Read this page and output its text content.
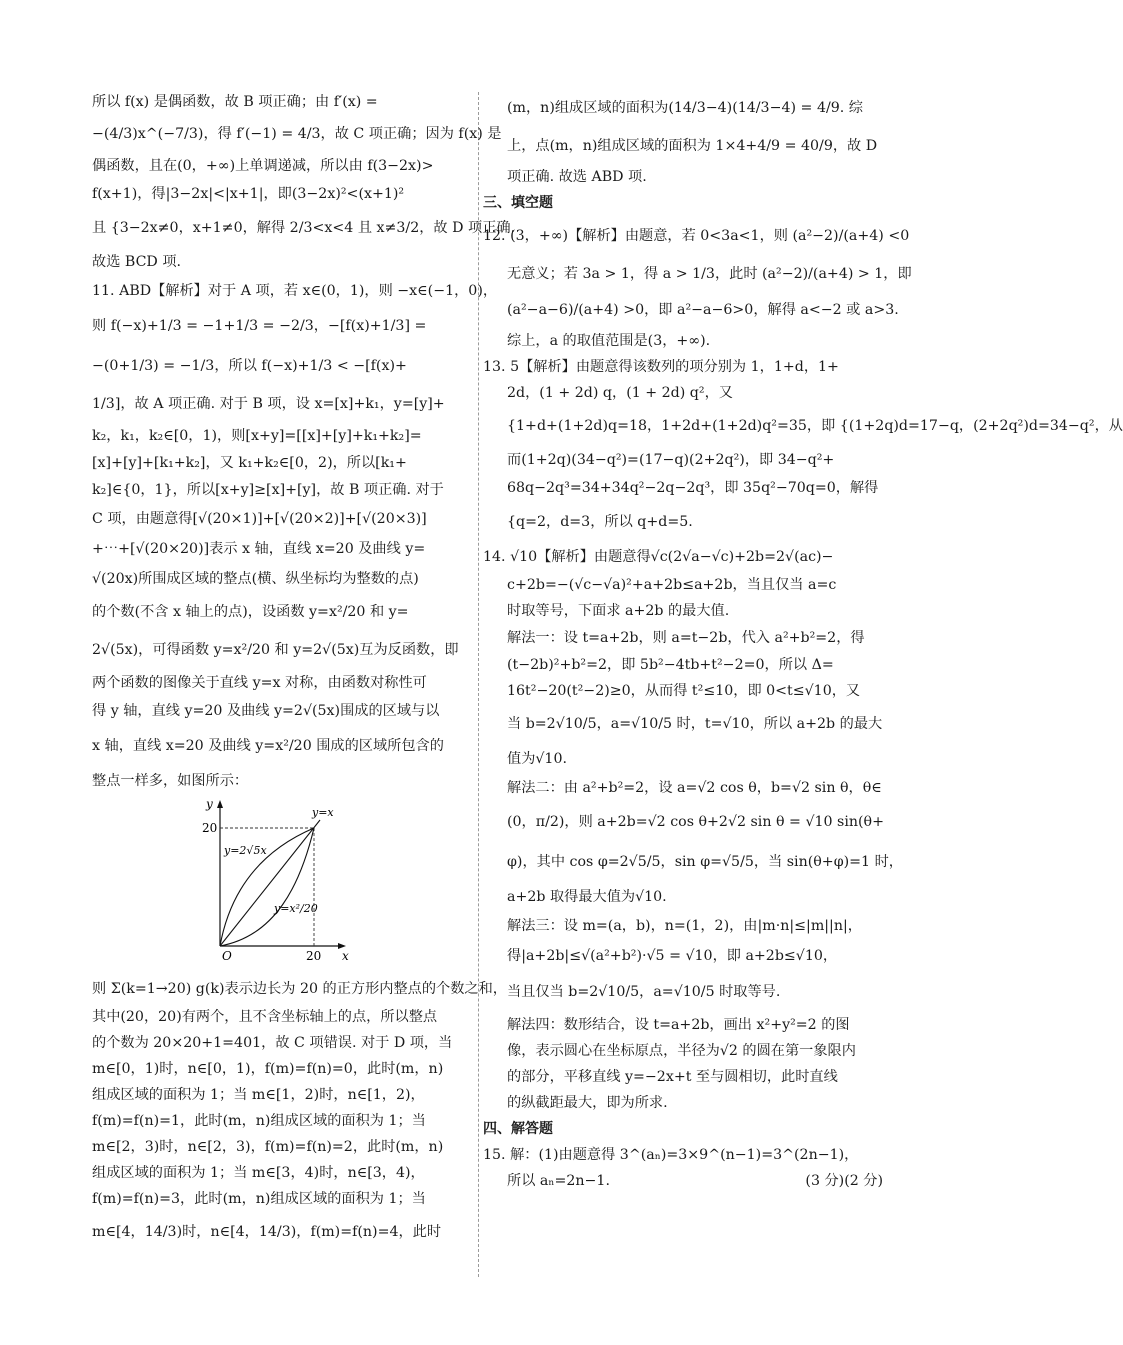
所以 f(x) 是偶函数，故 B 项正确；由 f′(x) =
−(4/3)x^(−7/3)，得 f′(−1) = 4/3，故 C 项正确；因为 f(x) 是
偶函数，且在(0，+∞)上单调递减，所以由 f(3−2x)>
f(x+1)，得|3−2x|<|x+1|，即(3−2x)²<(x+1)²
且 {3−2x≠0，x+1≠0，解得 2/3<x<4 且 x≠3/2，故 D 项正确.
故选 BCD 项.
11. ABD【解析】对于 A 项，若 x∈(0，1)，则 −x∈(−1，0)，
则 f(−x)+1/3 = −1+1/3 = −2/3，−[f(x)+1/3] =
−(0+1/3) = −1/3，所以 f(−x)+1/3 < −[f(x)+
1/3]，故 A 项正确. 对于 B 项，设 x=[x]+k₁，y=[y]+
k₂，k₁，k₂∈[0，1)，则[x+y]=[[x]+[y]+k₁+k₂]=
[x]+[y]+[k₁+k₂]，又 k₁+k₂∈[0，2)，所以[k₁+
k₂]∈{0，1}，所以[x+y]≥[x]+[y]，故 B 项正确. 对于
C 项，由题意得[√(20×1)]+[√(20×2)]+[√(20×3)]
+⋯+[√(20×20)]表示 x 轴，直线 x=20 及曲线 y=
√(20x)所围成区域的整点(横、纵坐标均为整数的点)
的个数(不含 x 轴上的点)，设函数 y=x²/20 和 y=
2√(5x)，可得函数 y=x²/20 和 y=2√(5x)互为反函数，即
两个函数的图像关于直线 y=x 对称，由函数对称性可
得 y 轴，直线 y=20 及曲线 y=2√(5x)围成的区域与以
x 轴，直线 x=20 及曲线 y=x²/20 围成的区域所包含的
整点一样多，如图所示：
y
20
O	20 x
y=x
y=2√5x
y=x²/20
则 Σ(k=1→20) g(k)表示边长为 20 的正方形内整点的个数之和，
其中(20，20)有两个，且不含坐标轴上的点，所以整点
的个数为 20×20+1=401，故 C 项错误. 对于 D 项，当
m∈[0，1)时，n∈[0，1)，f(m)=f(n)=0，此时(m，n)
组成区域的面积为 1；当 m∈[1，2)时，n∈[1，2)，
f(m)=f(n)=1，此时(m，n)组成区域的面积为 1；当
m∈[2，3)时，n∈[2，3)，f(m)=f(n)=2，此时(m，n)
组成区域的面积为 1；当 m∈[3，4)时，n∈[3，4)，
f(m)=f(n)=3，此时(m，n)组成区域的面积为 1；当
m∈[4，14/3)时，n∈[4，14/3)，f(m)=f(n)=4，此时
(m，n)组成区域的面积为(14/3−4)(14/3−4) = 4/9. 综
上，点(m，n)组成区域的面积为 1×4+4/9 = 40/9，故 D
项正确. 故选 ABD 项.
三、填空题
12. (3，+∞)【解析】由题意，若 0<3a<1，则 (a²−2)/(a+4) <0
无意义；若 3a > 1，得 a > 1/3，此时 (a²−2)/(a+4) > 1，即
(a²−a−6)/(a+4) >0，即 a²−a−6>0，解得 a<−2 或 a>3.
综上，a 的取值范围是(3，+∞).
13. 5【解析】由题意得该数列的项分别为 1，1+d，1+
2d，(1 + 2d) q，(1 + 2d) q²，又
{1+d+(1+2d)q=18，1+2d+(1+2d)q²=35，即 {(1+2q)d=17−q，(2+2q²)d=34−q²，从
而(1+2q)(34−q²)=(17−q)(2+2q²)，即 34−q²+
68q−2q³=34+34q²−2q−2q³，即 35q²−70q=0，解得
{q=2，d=3，所以 q+d=5.
14. √10【解析】由题意得√c(2√a−√c)+2b=2√(ac)−
c+2b=−(√c−√a)²+a+2b≤a+2b，当且仅当 a=c
时取等号，下面求 a+2b 的最大值.
解法一：设 t=a+2b，则 a=t−2b，代入 a²+b²=2，得
(t−2b)²+b²=2，即 5b²−4tb+t²−2=0，所以 Δ=
16t²−20(t²−2)≥0，从而得 t²≤10，即 0<t≤√10，又
当 b=2√10/5，a=√10/5 时，t=√10，所以 a+2b 的最大
值为√10.
解法二：由 a²+b²=2，设 a=√2 cos θ，b=√2 sin θ，θ∈
(0，π/2)，则 a+2b=√2 cos θ+2√2 sin θ = √10 sin(θ+
φ)，其中 cos φ=2√5/5，sin φ=√5/5，当 sin(θ+φ)=1 时，
a+2b 取得最大值为√10.
解法三：设 m=(a，b)，n=(1，2)，由|m·n|≤|m||n|，
得|a+2b|≤√(a²+b²)·√5 = √10，即 a+2b≤√10，
当且仅当 b=2√10/5，a=√10/5 时取等号.
解法四：数形结合，设 t=a+2b，画出 x²+y²=2 的图
像，表示圆心在坐标原点，半径为√2 的圆在第一象限内
的部分，平移直线 y=−2x+t 至与圆相切，此时直线
的纵截距最大，即为所求.
四、解答题
15. 解：(1)由题意得 3^(aₙ)=3×9^(n−1)=3^(2n−1)，
(2 分)
所以 aₙ=2n−1.	(3 分)
